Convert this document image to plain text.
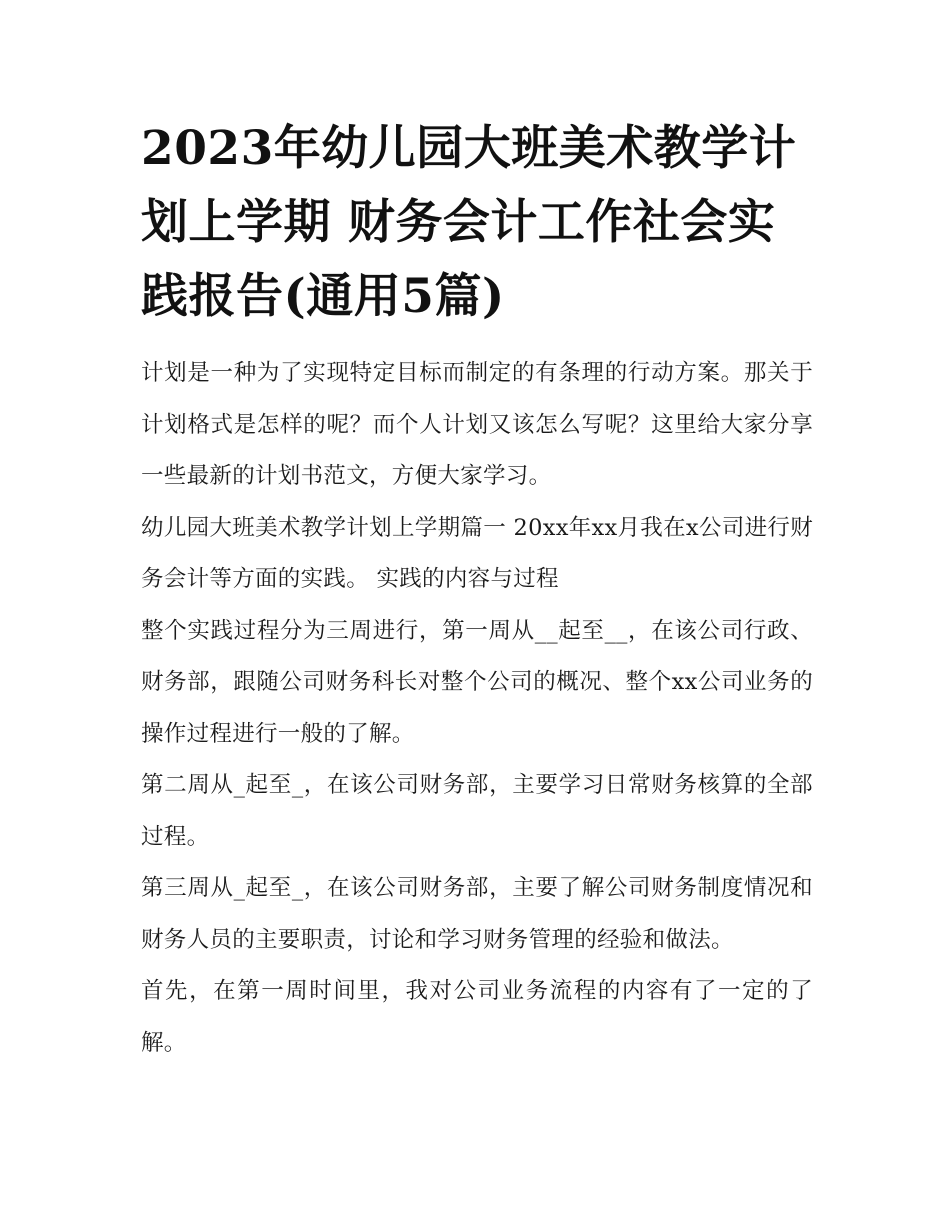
2023年幼儿园大班美术教学计划上学期 财务会计工作社会实践报告(通用5篇)

计划是一种为了实现特定目标而制定的有条理的行动方案。那关于计划格式是怎样的呢？而个人计划又该怎么写呢？这里给大家分享一些最新的计划书范文，方便大家学习。

幼儿园大班美术教学计划上学期篇一 20xx年xx月我在x公司进行财务会计等方面的实践。 实践的内容与过程

整个实践过程分为三周进行，第一周从__起至__，在该公司行政、财务部，跟随公司财务科长对整个公司的概况、整个xx公司业务的操作过程进行一般的了解。

第二周从_起至_，在该公司财务部，主要学习日常财务核算的全部过程。

第三周从_起至_，在该公司财务部，主要了解公司财务制度情况和财务人员的主要职责，讨论和学习财务管理的经验和做法。

首先，在第一周时间里，我对公司业务流程的内容有了一定的了解。
